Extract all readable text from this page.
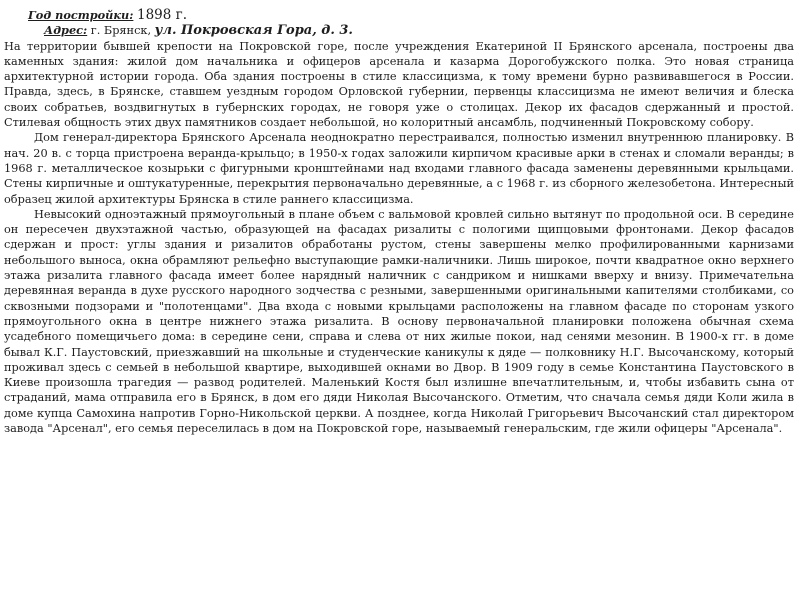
Год постройки: 1898 г.

Адрес: г. Брянск, ул. Покровская Гора, д. 3.

На территории бывшей крепости на Покровской горе, после учреждения Екатериной II Брянского арсенала, построены два каменных здания: жилой дом начальника и офицеров арсенала и казарма Дорогобужского полка. Это новая страница архитектурной истории города. Оба здания построены в стиле классицизма, к тому времени бурно развивавшегося в России. Правда, здесь, в Брянске, ставшем уездным городом Орловской губернии, первенцы классицизма не имеют величия и блеска своих собратьев, воздвигнутых в губернских городах, не говоря уже о столицах. Декор их фасадов сдержанный и простой. Стилевая общность этих двух памятников создает небольшой, но колоритный ансамбль, подчиненный Покровскому собору.

Дом генерал-директора Брянского Арсенала неоднократно перестраивался, полностью изменил внутреннюю планировку. В нач. 20 в. с торца пристроена веранда-крыльцо; в 1950-х годах заложили кирпичом красивые арки в стенах и сломали веранды; в 1968 г. металлическое козырьки с фигурными кронштейнами над входами главного фасада заменены деревянными крыльцами. Стены кирпичные и оштукатуренные, перекрытия первоначально деревянные, а с 1968 г. из сборного железобетона. Интересный образец жилой архитектуры Брянска в стиле раннего классицизма.

Невысокий одноэтажный прямоугольный в плане объем с вальмовой кровлей сильно вытянут по продольной оси. В середине он пересечен двухэтажной частью, образующей на фасадах ризалиты с пологими щипцовыми фронтонами. Декор фасадов сдержан и прост: углы здания и ризалитов обработаны рустом, стены завершены мелко профилированными карнизами небольшого выноса, окна обрамляют рельефно выступающие рамки-наличники. Лишь широкое, почти квадратное окно верхнего этажа ризалита главного фасада имеет более нарядный наличник с сандриком и нишками вверху и внизу. Примечательна деревянная веранда в духе русского народного зодчества с резными, завершенными оригинальными капителями столбиками, со сквозными подзорами и "полотенцами". Два входа с новыми крыльцами расположены на главном фасаде по сторонам узкого прямоугольного окна в центре нижнего этажа ризалита. В основу первоначальной планировки положена обычная схема усадебного помещичьего дома: в середине сени, справа и слева от них жилые покои, над сенями мезонин. В 1900-х гг. в доме бывал К.Г. Паустовский, приезжавший на школьные и студенческие каникулы к дяде — полковнику Н.Г. Высочанскому, который проживал здесь с семьей в небольшой квартире, выходившей окнами во Двор. В 1909 году в семье Константина Паустовского в Киеве произошла трагедия — развод родителей. Маленький Костя был излишне впечатлительным, и, чтобы избавить сына от страданий, мама отправила его в Брянск, в дом его дяди Николая Высочанского. Отметим, что сначала семья дяди Коли жила в доме купца Самохина напротив Горно-Никольской церкви. А позднее, когда Николай Григорьевич Высочанский стал директором завода "Арсенал", его семья переселилась в дом на Покровской горе, называемый генеральским, где жили офицеры "Арсенала".
